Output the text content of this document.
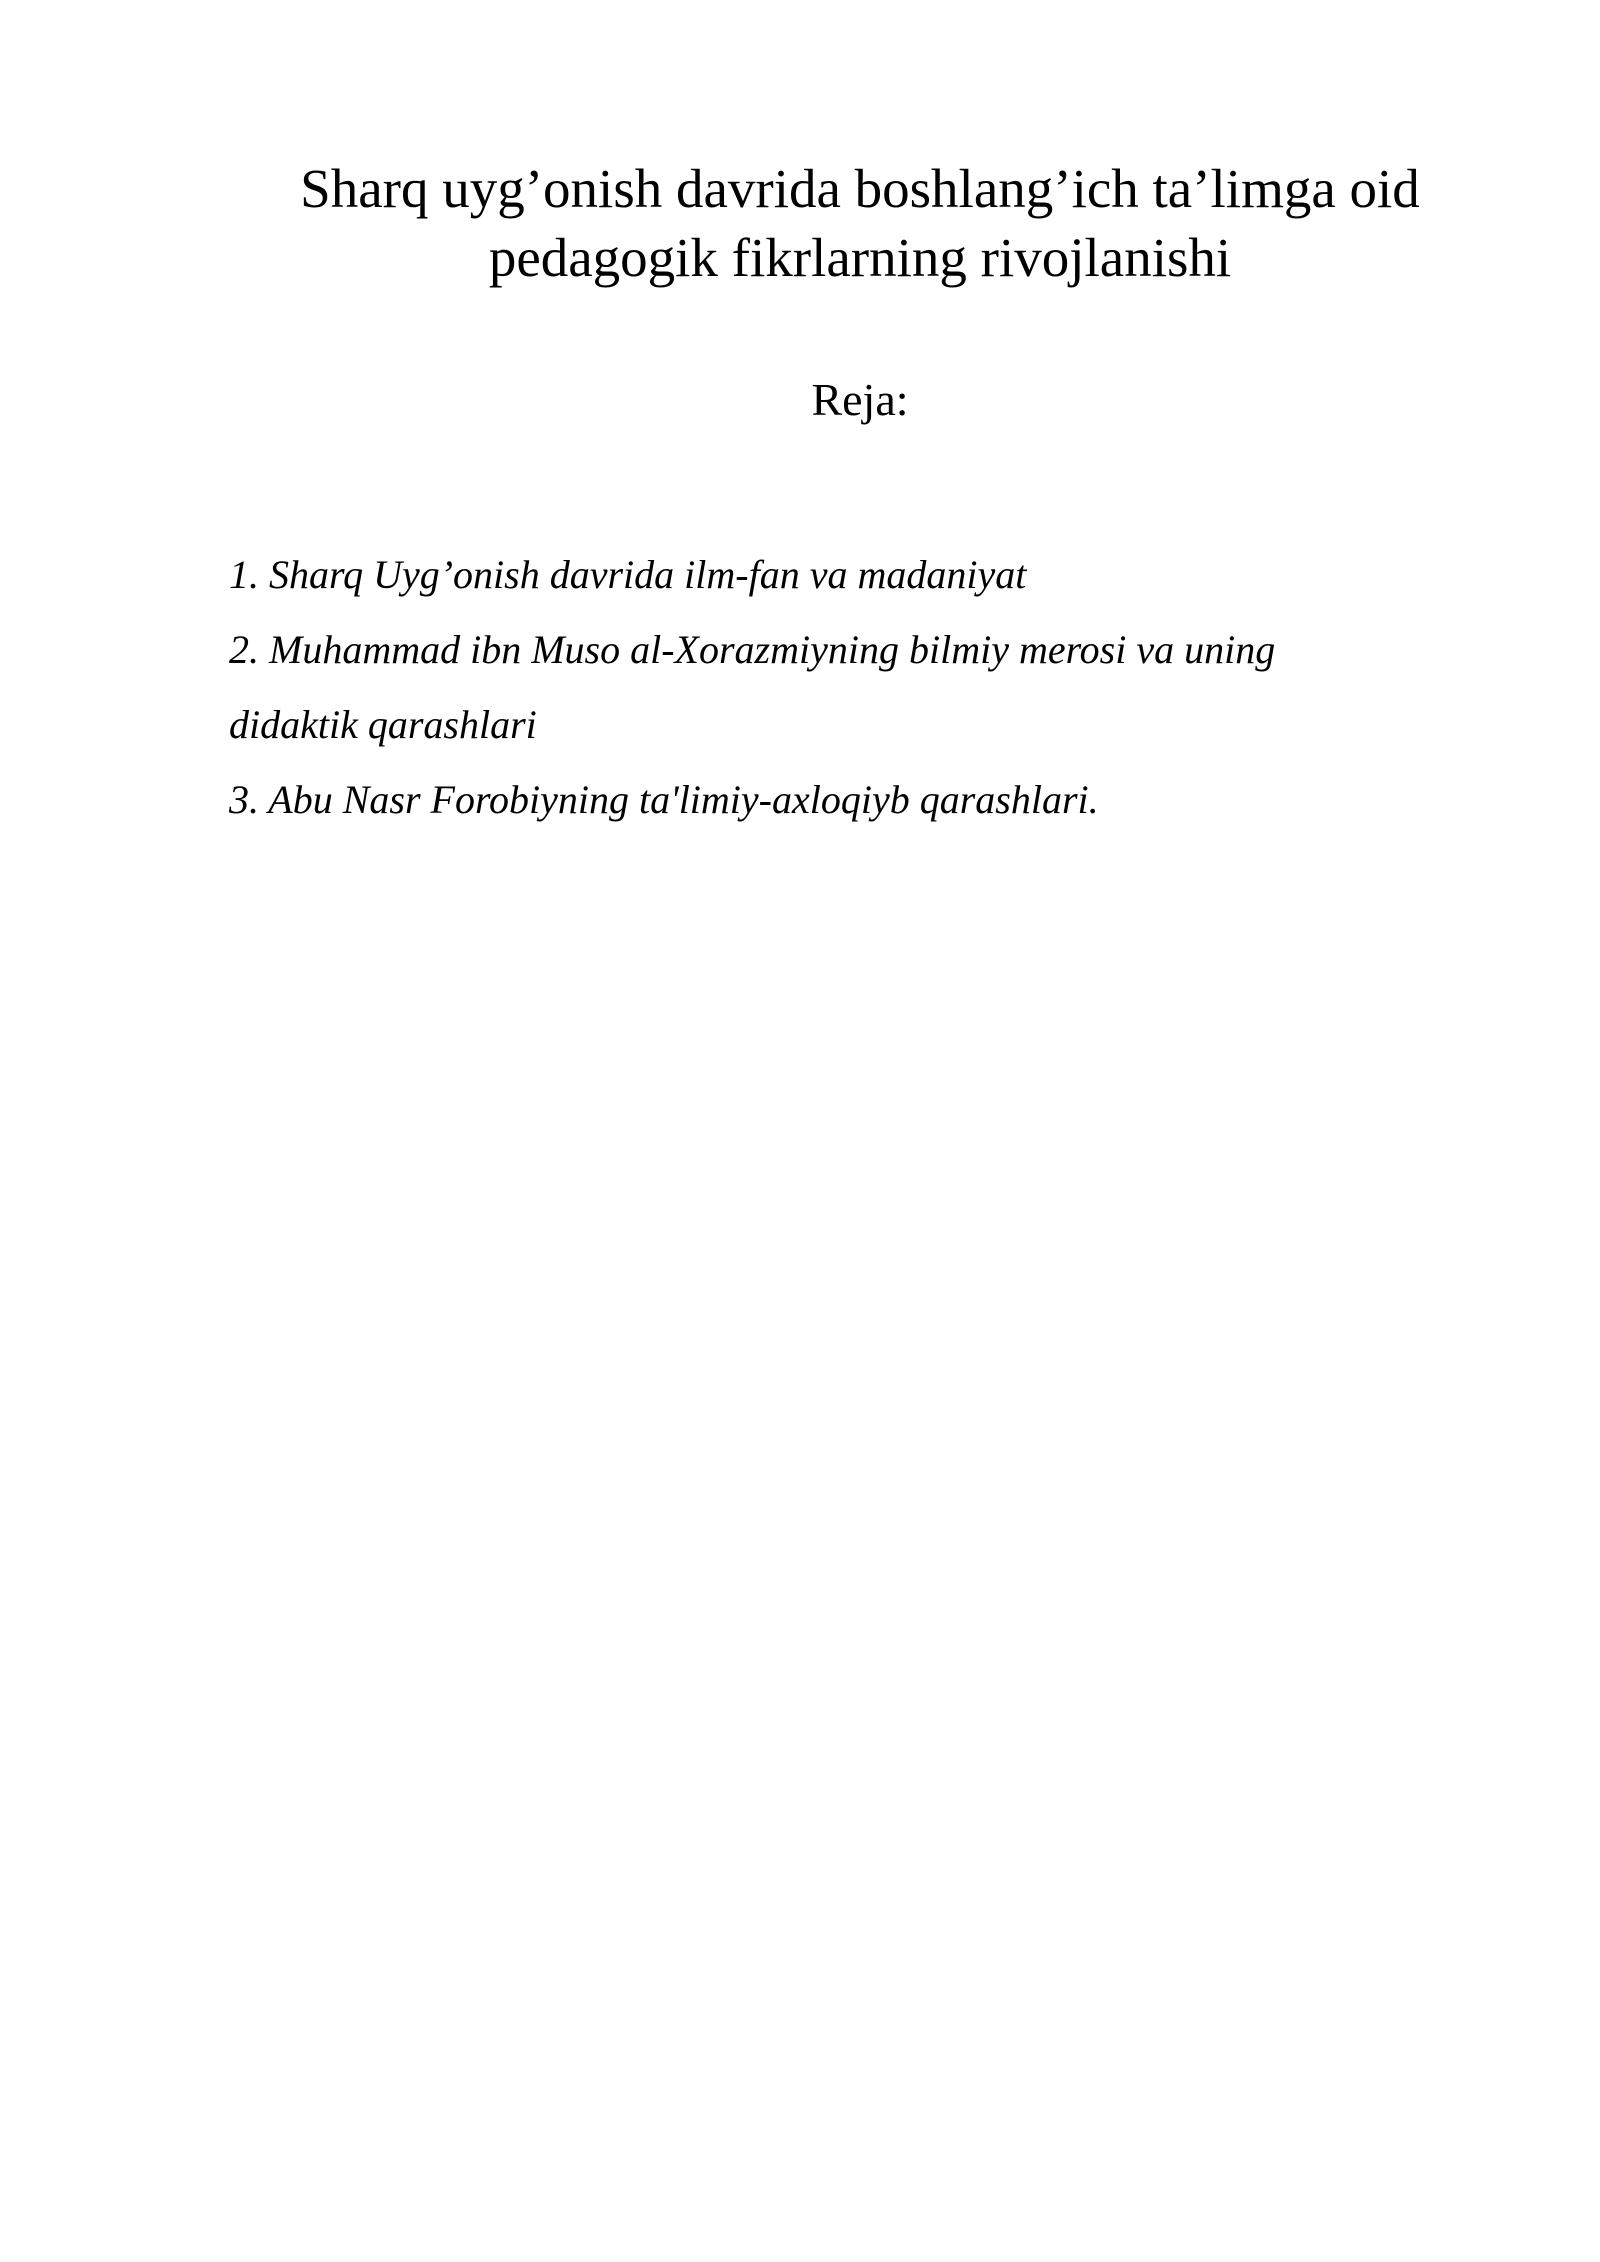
Sharq uyg’onish davrida boshlang’ich ta’limga oid
pedagogik fikrlarning rivojlanishi
Reja:
1. Sharq Uyg’onish davrida ilm-fan va madaniyat
2. Muhammad ibn Muso al-Xorazmiyning bilmiy merosi va uning didaktik qarashlari
3. Abu Nasr Forobiyning ta'limiy-axloqiyb qarashlari.
